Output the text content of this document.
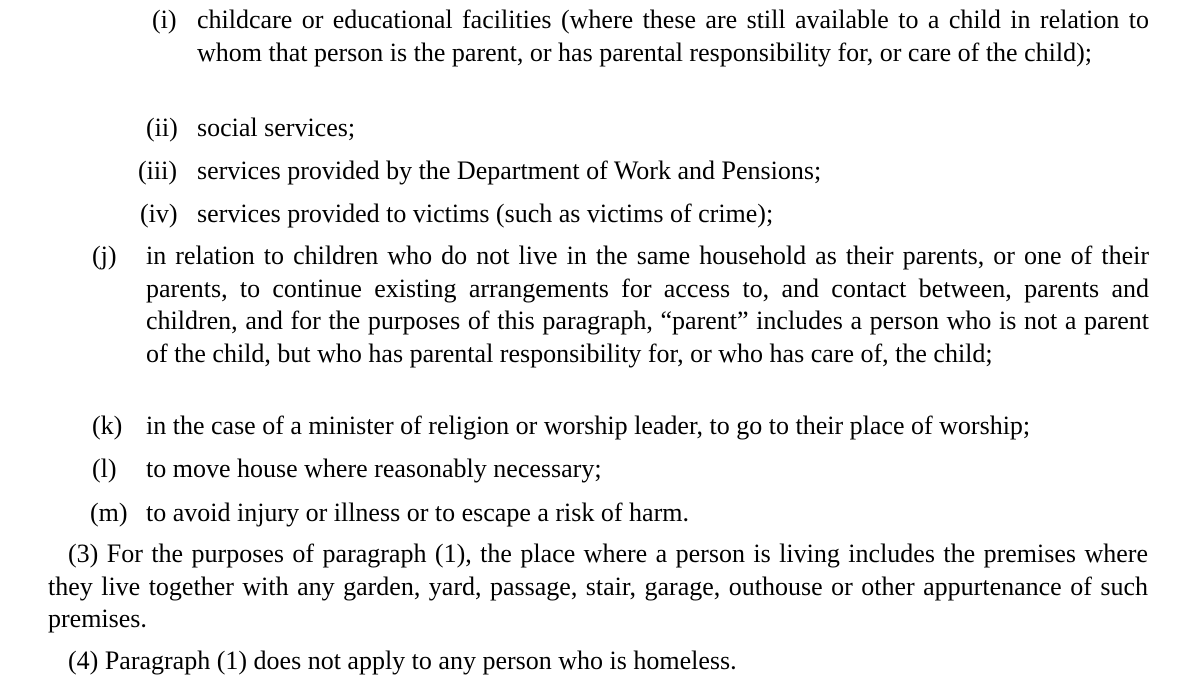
(i) childcare or educational facilities (where these are still available to a child in relation to whom that person is the parent, or has parental responsibility for, or care of the child);
(ii) social services;
(iii) services provided by the Department of Work and Pensions;
(iv) services provided to victims (such as victims of crime);
(j) in relation to children who do not live in the same household as their parents, or one of their parents, to continue existing arrangements for access to, and contact between, parents and children, and for the purposes of this paragraph, “parent” includes a person who is not a parent of the child, but who has parental responsibility for, or who has care of, the child;
(k) in the case of a minister of religion or worship leader, to go to their place of worship;
(l) to move house where reasonably necessary;
(m) to avoid injury or illness or to escape a risk of harm.
(3) For the purposes of paragraph (1), the place where a person is living includes the premises where they live together with any garden, yard, passage, stair, garage, outhouse or other appurtenance of such premises.
(4) Paragraph (1) does not apply to any person who is homeless.
